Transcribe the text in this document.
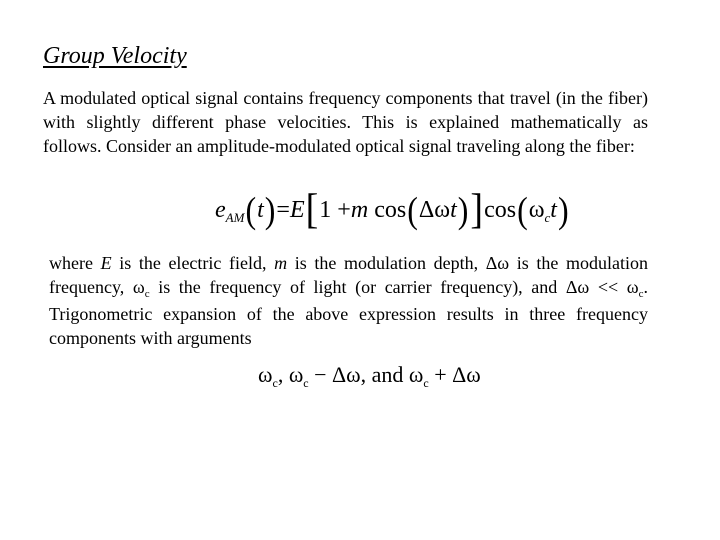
Group Velocity
A modulated optical signal contains frequency components that travel (in the fiber) with slightly different phase velocities. This is explained mathematically as follows. Consider an amplitude-modulated optical signal traveling along the fiber:
e AM ( t ) = E [ 1 + m
cos ( Δω t ) ] cos ( ω c t )
where E is the electric field, m is the modulation depth, Δω is the modulation frequency, $\omega_c$ is the frequency of light (or carrier frequency), and $\Delta\omega << \omega_c$. Trigonometric expansion of the above expression results in three frequency components with arguments
$\omega_c$, $\omega_c - \Delta\omega$, and $\omega_c + \Delta\omega$
